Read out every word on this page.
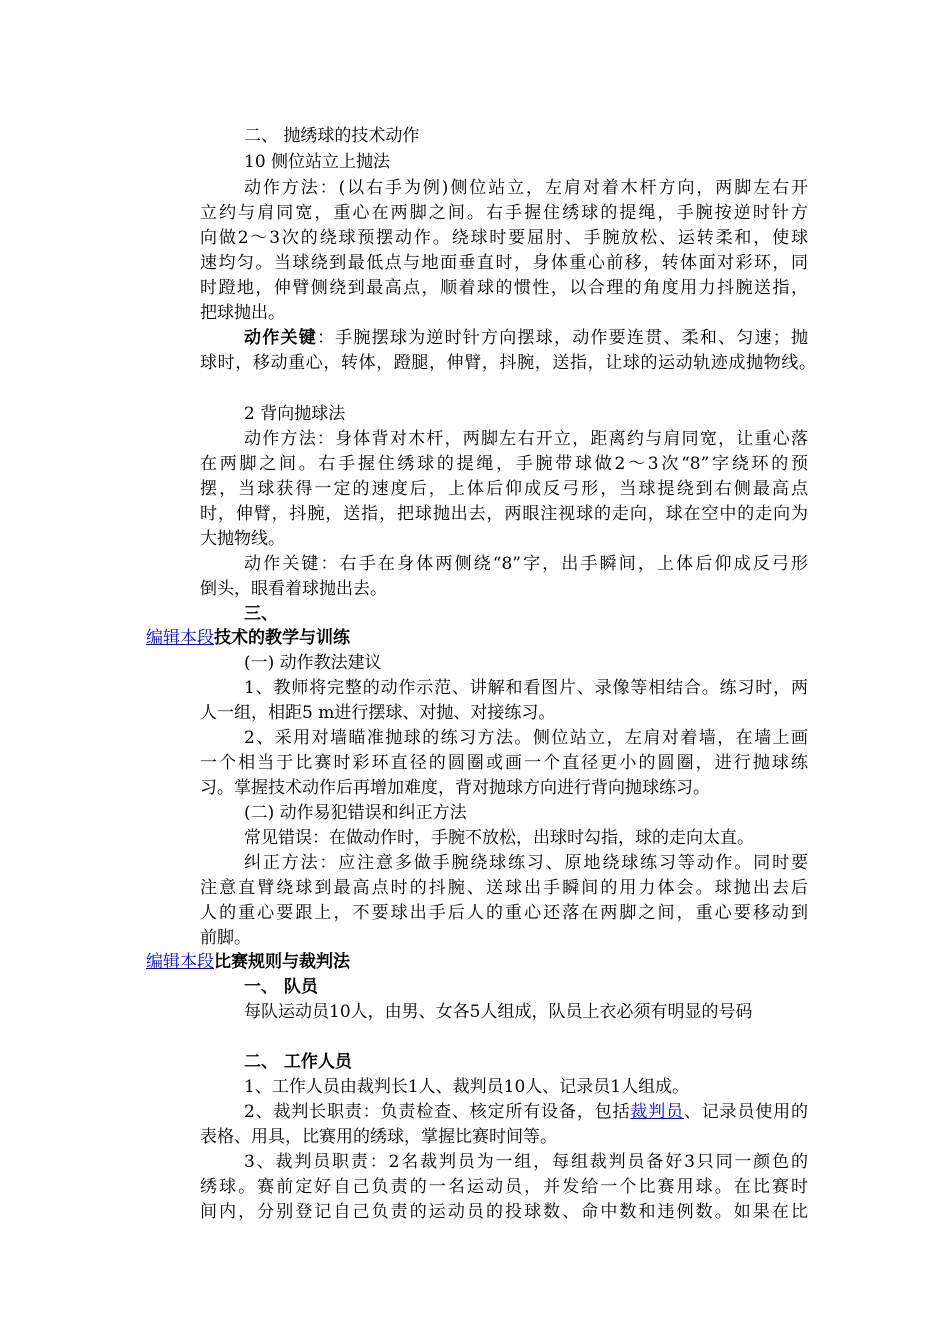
二、 抛绣球的技术动作
10 侧位站立上抛法
动作方法：(以右手为例)侧位站立，左肩对着木杆方向，两脚左右开
立约与肩同宽，重心在两脚之间。右手握住绣球的提绳，手腕按逆时针方
向做2～3次的绕球预摆动作。绕球时要屈肘、手腕放松、运转柔和，使球
速均匀。当球绕到最低点与地面垂直时，身体重心前移，转体面对彩环，同
时蹬地，伸臂侧绕到最高点，顺着球的惯性，以合理的角度用力抖腕送指，
把球抛出。
动作关键：手腕摆球为逆时针方向摆球，动作要连贯、柔和、匀速；抛
球时，移动重心，转体，蹬腿，伸臂，抖腕，送指，让球的运动轨迹成抛物线。
2 背向抛球法
动作方法：身体背对木杆，两脚左右开立，距离约与肩同宽，让重心落
在两脚之间。右手握住绣球的提绳，手腕带球做2～3次“8”字绕环的预
摆，当球获得一定的速度后，上体后仰成反弓形，当球提绕到右侧最高点
时，伸臂，抖腕，送指，把球抛出去，两眼注视球的走向，球在空中的走向为
大抛物线。
动作关键：右手在身体两侧绕“8”字，出手瞬间，上体后仰成反弓形
倒头，眼看着球抛出去。
三、
编辑本段技术的教学与训练
(一) 动作教法建议
1、教师将完整的动作示范、讲解和看图片、录像等相结合。练习时，两
人一组，相距5 m进行摆球、对抛、对接练习。
2、采用对墙瞄准抛球的练习方法。侧位站立，左肩对着墙，在墙上画
一个相当于比赛时彩环直径的圆圈或画一个直径更小的圆圈，进行抛球练
习。掌握技术动作后再增加难度，背对抛球方向进行背向抛球练习。
(二) 动作易犯错误和纠正方法
常见错误：在做动作时，手腕不放松，出球时勾指，球的走向太直。
纠正方法：应注意多做手腕绕球练习、原地绕球练习等动作。同时要
注意直臂绕球到最高点时的抖腕、送球出手瞬间的用力体会。球抛出去后
人的重心要跟上，不要球出手后人的重心还落在两脚之间，重心要移动到
前脚。
编辑本段比赛规则与裁判法
一、 队员
每队运动员10人，由男、女各5人组成，队员上衣必须有明显的号码
二、 工作人员
1、工作人员由裁判长1人、裁判员10人、记录员1人组成。
2、裁判长职责：负责检查、核定所有设备，包括裁判员、记录员使用的
表格、用具，比赛用的绣球，掌握比赛时间等。
3、裁判员职责：2名裁判员为一组，每组裁判员备好3只同一颜色的
绣球。赛前定好自己负责的一名运动员，并发给一个比赛用球。在比赛时
间内，分别登记自己负责的运动员的投球数、命中数和违例数。如果在比
